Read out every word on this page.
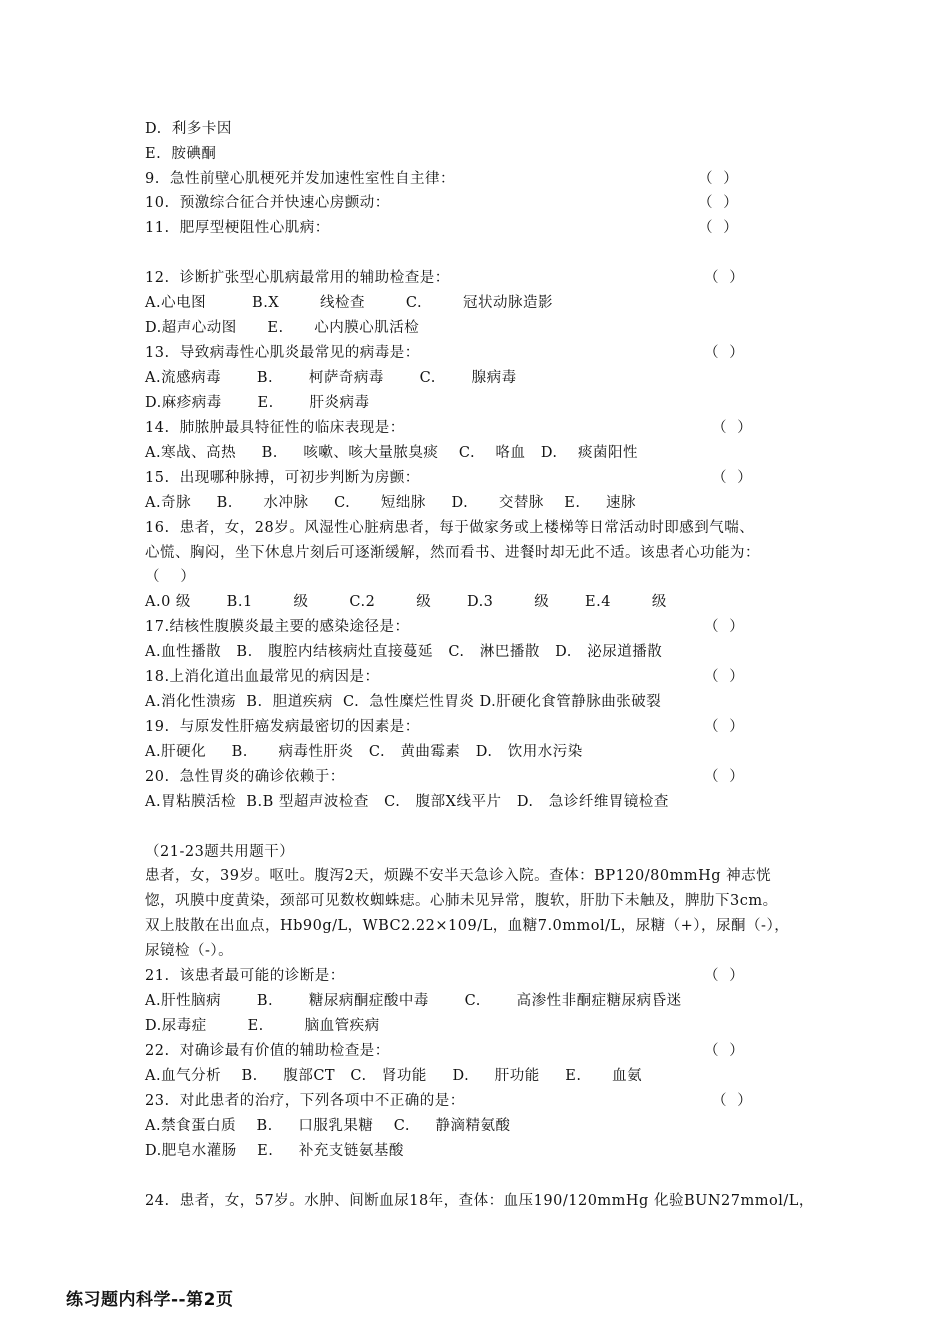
D.  利多卡因
E.  胺碘酮
9.  急性前壁心肌梗死并发加速性室性自主律：
10.  预激综合征合并快速心房颤动：
11.  肥厚型梗阻性心肌病：
12.  诊断扩张型心肌病最常用的辅助检查是：
A.心电图         B.X        线检查        C.        冠状动脉造影
D.超声心动图      E.      心内膜心肌活检
13.  导致病毒性心肌炎最常见的病毒是：
A.流感病毒       B.       柯萨奇病毒       C.       腺病毒
D.麻疹病毒       E.       肝炎病毒
14.  肺脓肿最具特征性的临床表现是：
A.寒战、高热     B.     咳嗽、咳大量脓臭痰    C.    咯血   D.    痰菌阳性
15.  出现哪种脉搏，可初步判断为房颤：
A.奇脉     B.      水冲脉     C.      短绌脉     D.      交替脉    E.     速脉
16.  患者，女，28岁。风湿性心脏病患者，每于做家务或上楼梯等日常活动时即感到气喘、
心慌、胸闷，坐下休息片刻后可逐渐缓解，然而看书、进餐时却无此不适。该患者心功能为：
（    ）
A.0 级       B.1        级        C.2        级       D.3        级       E.4        级
17.结核性腹膜炎最主要的感染途径是：
A.血性播散   B.   腹腔内结核病灶直接蔓延   C.   淋巴播散   D.   泌尿道播散
18.上消化道出血最常见的病因是：
A.消化性溃疡  B.  胆道疾病  C.  急性糜烂性胃炎 D.肝硬化食管静脉曲张破裂
19.  与原发性肝癌发病最密切的因素是：
A.肝硬化     B.      病毒性肝炎   C.   黄曲霉素   D.   饮用水污染
20.  急性胃炎的确诊依赖于：
A.胃粘膜活检  B.B 型超声波检查   C.   腹部X线平片   D.   急诊纤维胃镜检查
（21-23题共用题干）
患者，女，39岁。呕吐。腹泻2天，烦躁不安半天急诊入院。查体：BP120/80mmHg 神志恍
惚，巩膜中度黄染，颈部可见数枚蜘蛛痣。心肺未见异常，腹软，肝肋下未触及，脾肋下3cm。
双上肢散在出血点，Hb90g/L，WBC2.22×109/L，血糖7.0mmol/L，尿糖（+），尿酮（-），
尿镜检（-）。
21.  该患者最可能的诊断是：
A.肝性脑病       B.       糖尿病酮症酸中毒       C.       高渗性非酮症糖尿病昏迷
D.尿毒症        E.        脑血管疾病
22.  对确诊最有价值的辅助检查是：
A.血气分析    B.     腹部CT   C.   肾功能     D.     肝功能     E.      血氨
23.  对此患者的治疗，下列各项中不正确的是：
A.禁食蛋白质    B.     口服乳果糖    C.     静滴精氨酸
D.肥皂水灌肠    E.     补充支链氨基酸
24.  患者，女，57岁。水肿、间断血尿18年，查体：血压190/120mmHg 化验BUN27mmol/L，
（  ）
（  ）
（  ）
（  ）
（  ）
（  ）
（  ）
（  ）
（  ）
（  ）
（  ）
（  ）
（  ）
（  ）
练习题内科学--第2页
